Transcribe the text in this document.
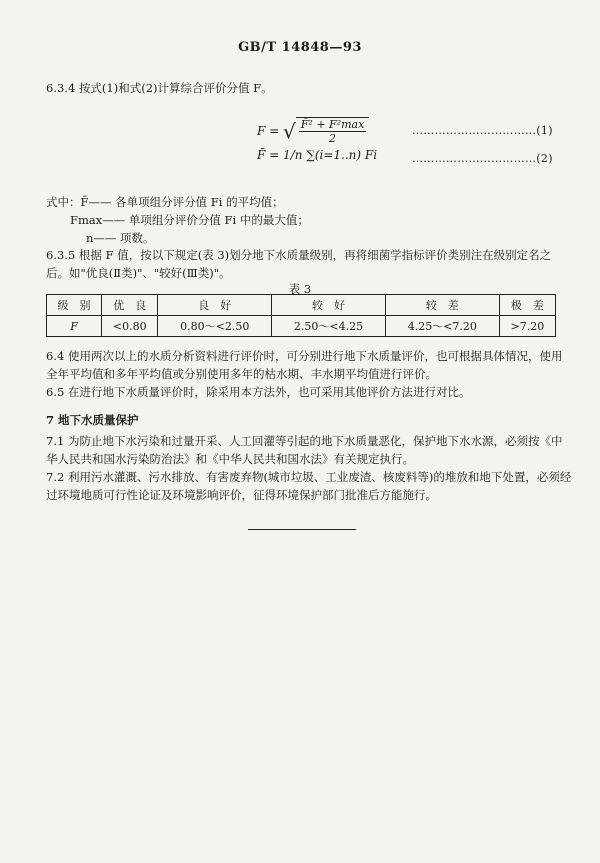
GB/T 14848—93
6.3.4 按式(1)和式(2)计算综合评价分值 F。
F = √ $\frac{\text{F̄² + F²max}}{2}$	……………………………(1)
F̄ = 1/n ∑(i=1..n) Fi	……………………………(2)
式中：F̄—— 各单项组分评分值 Fi 的平均值；
Fmax—— 单项组分评价分值 Fi 中的最大值；
n—— 项数。
6.3.5 根据 F 值，按以下规定(表 3)划分地下水质量级别，再将细菌学指标评价类别注在级别定名之
后。如"优良(Ⅱ类)"、"较好(Ⅲ类)"。
表 3
级　别	优　良	良　好	较　好	较　差	极　差
F	<0.80	0.80～<2.50	2.50～<4.25	4.25～<7.20	>7.20
6.4 使用两次以上的水质分析资料进行评价时，可分别进行地下水质量评价，也可根据具体情况，使用
全年平均值和多年平均值或分别使用多年的枯水期、丰水期平均值进行评价。
6.5 在进行地下水质量评价时，除采用本方法外，也可采用其他评价方法进行对比。
7 地下水质量保护
7.1 为防止地下水污染和过量开采、人工回灌等引起的地下水质量恶化，保护地下水水源，必须按《中
华人民共和国水污染防治法》和《中华人民共和国水法》有关规定执行。
7.2 利用污水灌溉、污水排放、有害废弃物(城市垃圾、工业废渣、核废料等)的堆放和地下处置，必须经
过环境地质可行性论证及环境影响评价，征得环境保护部门批准后方能施行。
